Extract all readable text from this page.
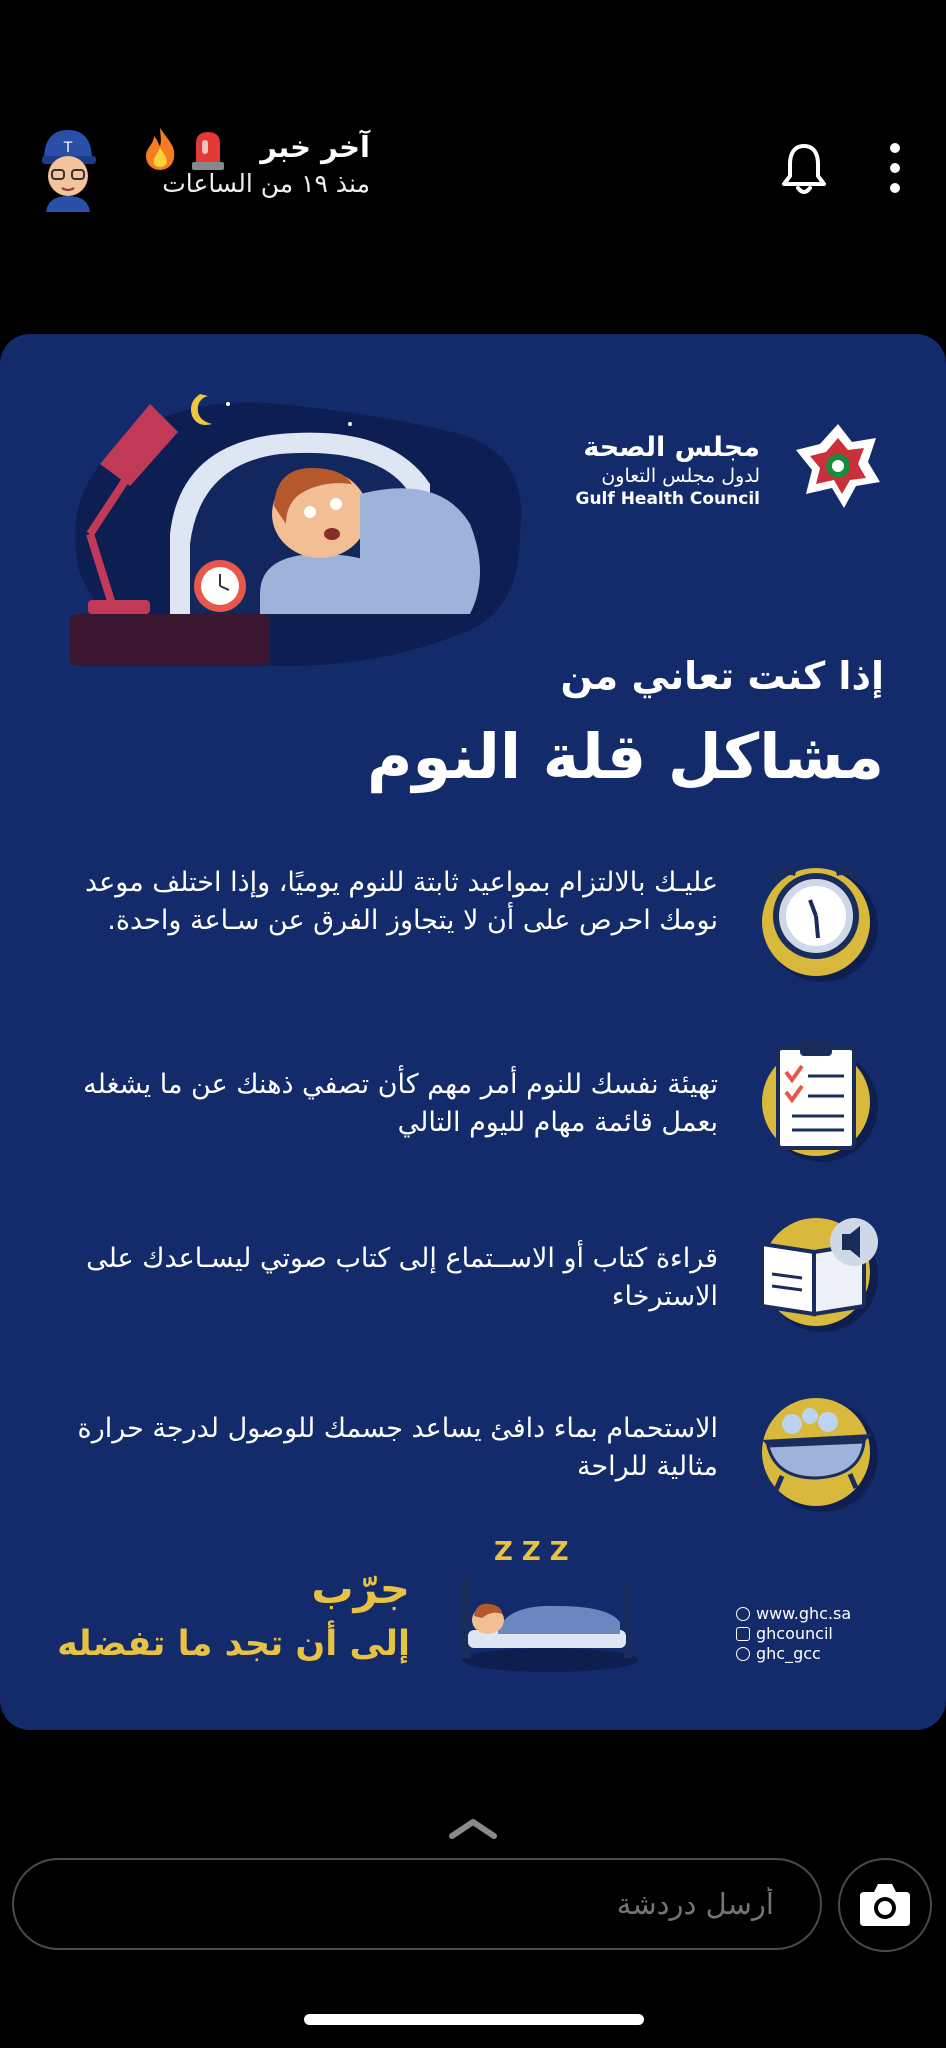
T	آخر خبر
منذ ١٩ من الساعات
مجلس الصحة
لدول مجلس التعاون
Gulf Health Council
إذا كنت تعاني من
مشاكل قلة النوم
عليـك بالالتزام بمواعيد ثابتة للنوم يوميًا، وإذا اختلف موعد نومك احرص على أن لا يتجاوز الفرق عن سـاعة واحدة.
تهيئة نفسك للنوم أمر مهم كأن تصفي ذهنك عن ما يشغله بعمل قائمة مهام لليوم التالي
قراءة كتاب أو الاســتماع إلى كتاب صوتي ليسـاعدك على الاسترخاء
الاستحمام بماء دافئ يساعد جسمك للوصول لدرجة حرارة مثالية للراحة
جرّب
إلى أن تجد ما تفضله
Z Z Z
www.ghc.sa
ghcouncil
ghc_gcc
أرسل دردشة
